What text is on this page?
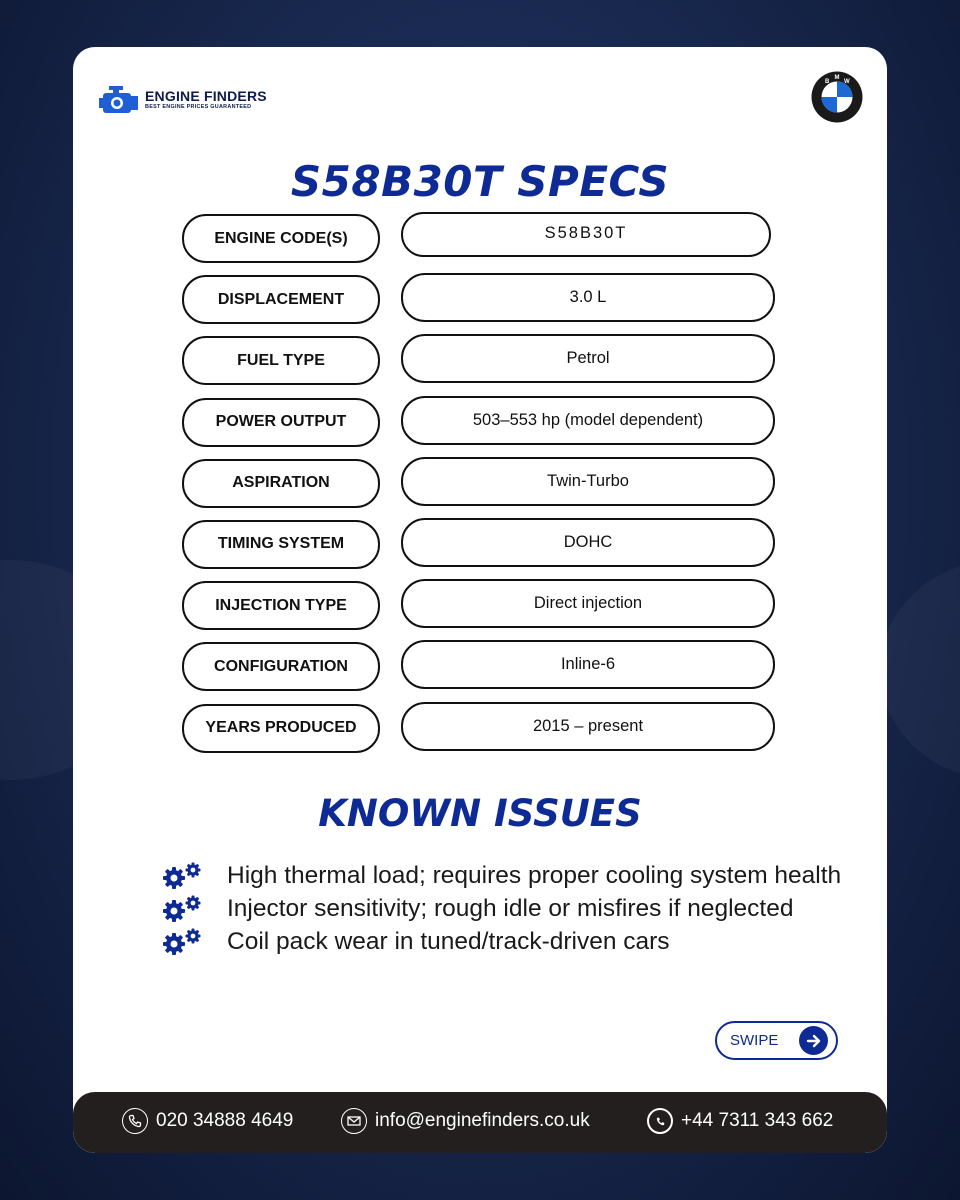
ENGINE FINDERS
BEST ENGINE PRICES GUARANTEED
B
M
W
S58B30T SPECS
ENGINE CODE(S)	S58B30T
DISPLACEMENT	3.0 L
FUEL TYPE	Petrol
POWER OUTPUT	503–553 hp (model dependent)
ASPIRATION	Twin-Turbo
TIMING SYSTEM	DOHC
INJECTION TYPE	Direct injection
CONFIGURATION	Inline-6
YEARS PRODUCED	2015 – present
KNOWN ISSUES
High thermal load; requires proper cooling system health
Injector sensitivity; rough idle or misfires if neglected
Coil pack wear in tuned/track-driven cars
SWIPE
020 34888 4649	info@enginefinders.co.uk	+44 7311 343 662
